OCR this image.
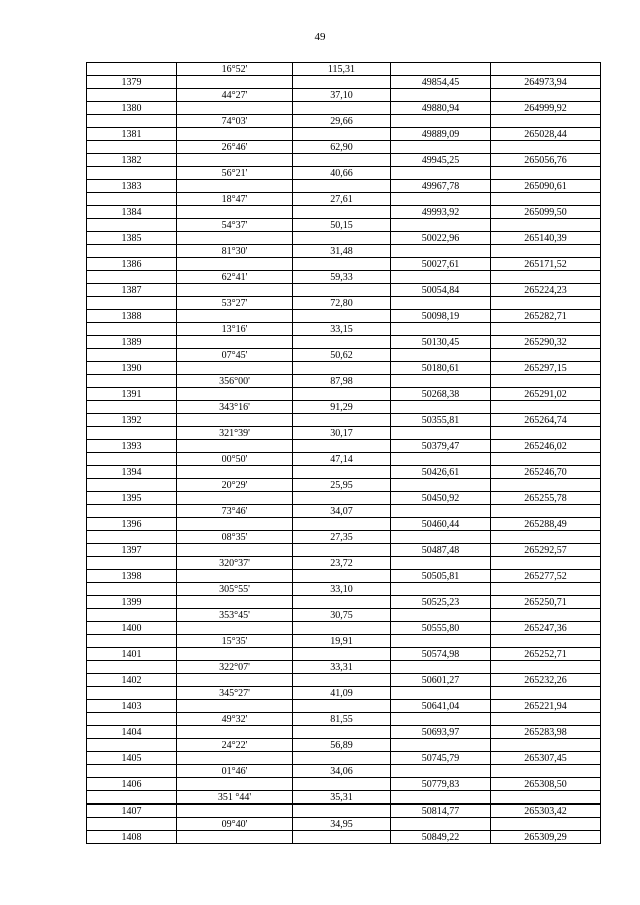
49
	16°52'	115,31		
1379			49854,45	264973,94
	44°27'	37,10		
1380			49880,94	264999,92
	74°03'	29,66		
1381			49889,09	265028,44
	26°46'	62,90		
1382			49945,25	265056,76
	56°21'	40,66		
1383			49967,78	265090,61
	18°47'	27,61		
1384			49993,92	265099,50
	54°37'	50,15		
1385			50022,96	265140,39
	81°30'	31,48		
1386			50027,61	265171,52
	62°41'	59,33		
1387			50054,84	265224,23
	53°27'	72,80		
1388			50098,19	265282,71
	13°16'	33,15		
1389			50130,45	265290,32
	07°45'	50,62		
1390			50180,61	265297,15
	356°00'	87,98		
1391			50268,38	265291,02
	343°16'	91,29		
1392			50355,81	265264,74
	321°39'	30,17		
1393			50379,47	265246,02
	00°50'	47,14		
1394			50426,61	265246,70
	20°29'	25,95		
1395			50450,92	265255,78
	73°46'	34,07		
1396			50460,44	265288,49
	08°35'	27,35		
1397			50487,48	265292,57
	320°37'	23,72		
1398			50505,81	265277,52
	305°55'	33,10		
1399			50525,23	265250,71
	353°45'	30,75		
1400			50555,80	265247,36
	15°35'	19,91		
1401			50574,98	265252,71
	322°07'	33,31		
1402			50601,27	265232,26
	345°27'	41,09		
1403			50641,04	265221,94
	49°32'	81,55		
1404			50693,97	265283,98
	24°22'	56,89		
1405			50745,79	265307,45
	01°46'	34,06		
1406			50779,83	265308,50
	351 °44'	35,31		
1407			50814,77	265303,42
	09°40'	34,95		
1408			50849,22	265309,29
